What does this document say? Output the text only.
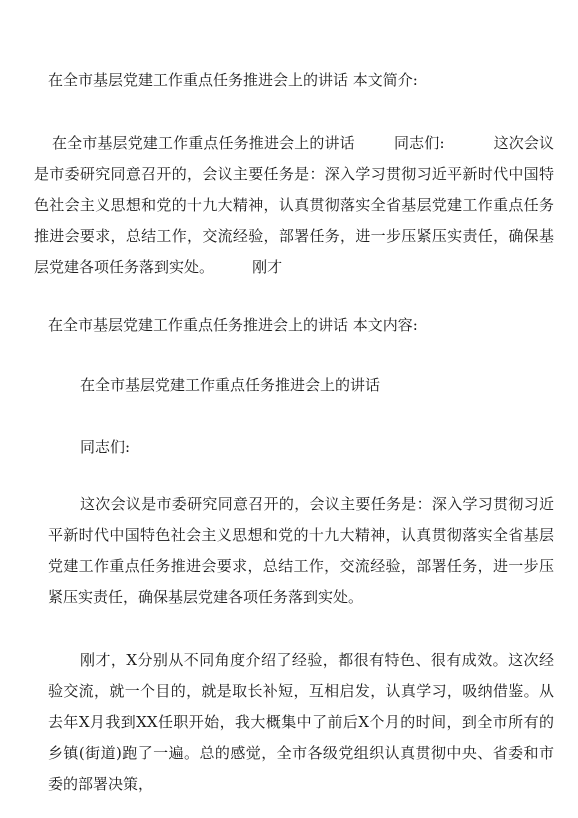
在全市基层党建工作重点任务推进会上的讲话 本文简介:
在全市基层党建工作重点任务推进会上的讲话        同志们:          这次会议是市委研究同意召开的，会议主要任务是：深入学习贯彻习近平新时代中国特色社会主义思想和党的十九大精神，认真贯彻落实全省基层党建工作重点任务推进会要求，总结工作，交流经验，部署任务，进一步压紧压实责任，确保基层党建各项任务落到实处。        刚才
在全市基层党建工作重点任务推进会上的讲话 本文内容:
在全市基层党建工作重点任务推进会上的讲话
同志们:
这次会议是市委研究同意召开的，会议主要任务是：深入学习贯彻习近平新时代中国特色社会主义思想和党的十九大精神，认真贯彻落实全省基层党建工作重点任务推进会要求，总结工作，交流经验，部署任务，进一步压紧压实责任，确保基层党建各项任务落到实处。
刚才，X分别从不同角度介绍了经验，都很有特色、很有成效。这次经验交流，就一个目的，就是取长补短，互相启发，认真学习，吸纳借鉴。从去年X月我到XX任职开始，我大概集中了前后X个月的时间，到全市所有的乡镇(街道)跑了一遍。总的感觉，全市各级党组织认真贯彻中央、省委和市委的部署决策，
